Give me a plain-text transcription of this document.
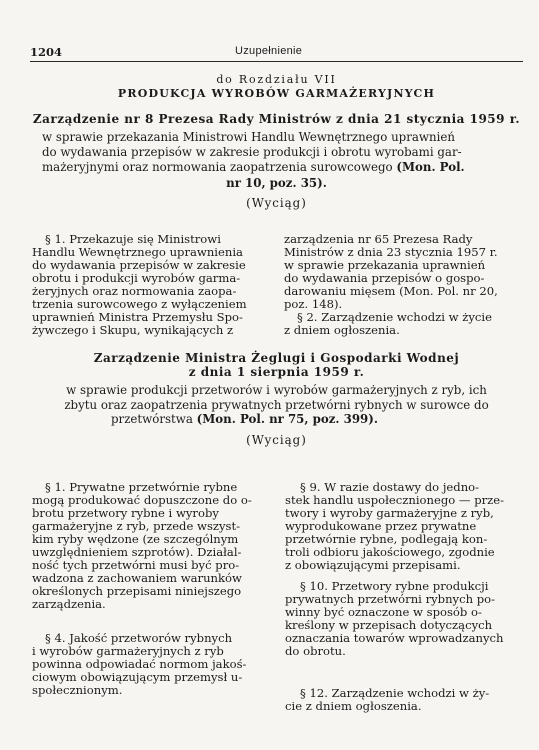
1204	Uzupełnienie
do Rozdziału VII
PRODUKCJA WYROBÓW GARMAŻERYJNYCH
Zarządzenie nr 8 Prezesa Rady Ministrów z dnia 21 stycznia 1959 r.
w sprawie przekazania Ministrowi Handlu Wewnętrznego uprawnień
do wydawania przepisów w zakresie produkcji i obrotu wyrobami gar-
mażeryjnymi oraz normowania zaopatrzenia surowcowego (Mon. Pol.
nr 10, poz. 35).
(Wyciąg)
§ 1. Przekazuje się Ministrowi
Handlu Wewnętrznego uprawnienia
do wydawania przepisów w zakresie
obrotu i produkcji wyrobów garma-
żeryjnych oraz normowania zaopa-
trzenia surowcowego z wyłączeniem
uprawnień Ministra Przemysłu Spo-
żywczego i Skupu, wynikających z
zarządzenia nr 65 Prezesa Rady
Ministrów z dnia 23 stycznia 1957 r.
w sprawie przekazania uprawnień
do wydawania przepisów o gospo-
darowaniu mięsem (Mon. Pol. nr 20,
poz. 148).
§ 2. Zarządzenie wchodzi w życie
z dniem ogłoszenia.
Zarządzenie Ministra Żeglugi i Gospodarki Wodnej
z dnia 1 sierpnia 1959 r.
w sprawie produkcji przetworów i wyrobów garmażeryjnych z ryb, ich
zbytu oraz zaopatrzenia prywatnych przetwórni rybnych w surowce do
przetwórstwa (Mon. Pol. nr 75, poz. 399).
(Wyciąg)
§ 1. Prywatne przetwórnie rybne
mogą produkować dopuszczone do o-
brotu przetwory rybne i wyroby
garmażeryjne z ryb, przede wszyst-
kim ryby wędzone (ze szczególnym
uwzględnieniem szprotów). Działal-
ność tych przetwórni musi być pro-
wadzona z zachowaniem warunków
określonych przepisami niniejszego
zarządzenia.
§ 4. Jakość przetworów rybnych
i wyrobów garmażeryjnych z ryb
powinna odpowiadać normom jakoś-
ciowym obowiązującym przemysł u-
społecznionym.
§ 9. W razie dostawy do jedno-
stek handlu uspołecznionego — prze-
twory i wyroby garmażeryjne z ryb,
wyprodukowane przez prywatne
przetwórnie rybne, podlegają kon-
troli odbioru jakościowego, zgodnie
z obowiązującymi przepisami.
§ 10. Przetwory rybne produkcji
prywatnych przetwórni rybnych po-
winny być oznaczone w sposób o-
kreślony w przepisach dotyczących
oznaczania towarów wprowadzanych
do obrotu.
§ 12. Zarządzenie wchodzi w ży-
cie z dniem ogłoszenia.
​
